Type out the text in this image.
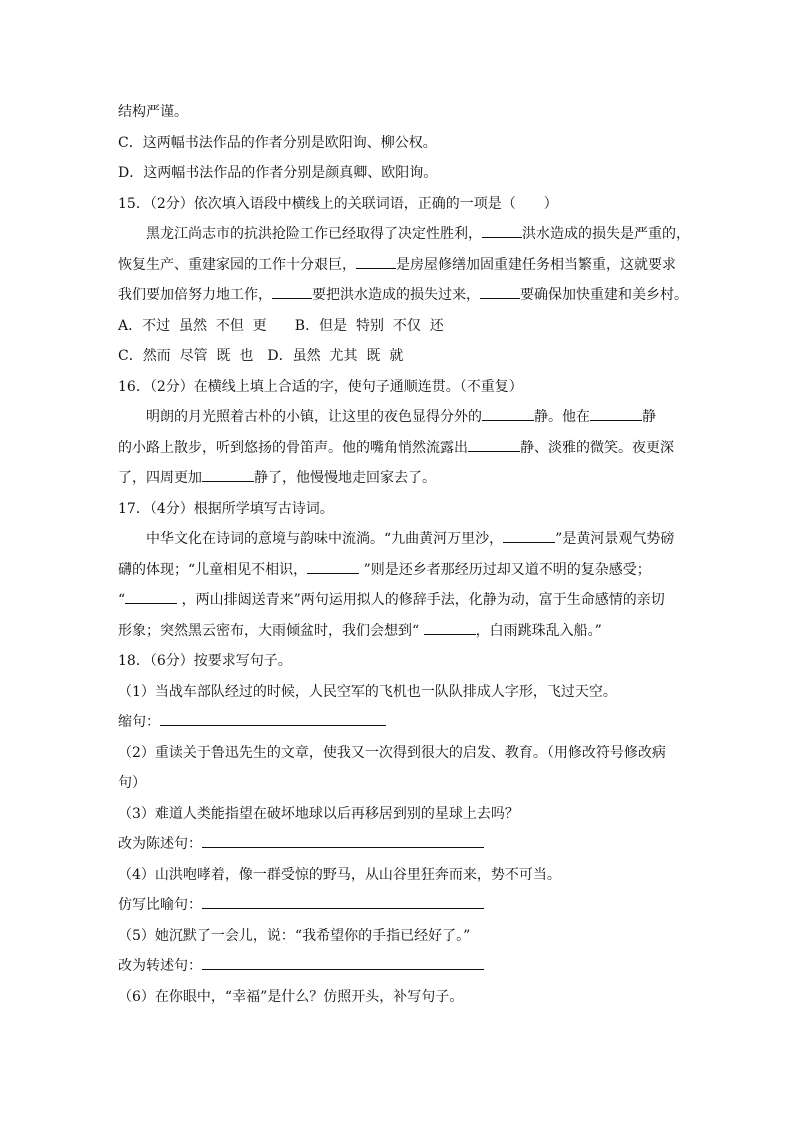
结构严谨。
C．这两幅书法作品的作者分别是欧阳询、柳公权。
D．这两幅书法作品的作者分别是颜真卿、欧阳询。
15．（2分）依次填入语段中横线上的关联词语，正确的一项是（　　）
黑龙江尚志市的抗洪抢险工作已经取得了决定性胜利，	洪水造成的损失是严重的，
恢复生产、重建家园的工作十分艰巨，	是房屋修缮加固重建任务相当繁重，这就要求
我们要加倍努力地工作，	要把洪水造成的损失过来，	要确保加快重建和美乡村。
A．不过  虽然  不但  更　　B．但是  特别  不仅  还
C．然而  尽管  既  也　D．虽然  尤其  既  就
16．（2分）在横线上填上合适的字，使句子通顺连贯。（不重复）
明朗的月光照着古朴的小镇，让这里的夜色显得分外的	静。他在	静
的小路上散步，听到悠扬的骨笛声。他的嘴角悄然流露出	静、淡雅的微笑。夜更深
了，四周更加	静了，他慢慢地走回家去了。
17．（4分）根据所学填写古诗词。
中华文化在诗词的意境与韵味中流淌。“九曲黄河万里沙，	”是黄河景观气势磅
礴的体现；“儿童相见不相识，	”则是还乡者那经历过却又道不明的复杂感受；
“	，两山排闼送青来”两句运用拟人的修辞手法，化静为动，富于生命感情的亲切
形象；突然黑云密布，大雨倾盆时，我们会想到“	，白雨跳珠乱入船。”
18．（6分）按要求写句子。
（1）当战车部队经过的时候，人民空军的飞机也一队队排成人字形，飞过天空。
缩句：
（2）重读关于鲁迅先生的文章，使我又一次得到很大的启发、教育。（用修改符号修改病
句）
（3）难道人类能指望在破坏地球以后再移居到别的星球上去吗？
改为陈述句：
（4）山洪咆哮着，像一群受惊的野马，从山谷里狂奔而来，势不可当。
仿写比喻句：
（5）她沉默了一会儿，说：“我希望你的手指已经好了。”
改为转述句：
（6）在你眼中，“幸福”是什么？仿照开头，补写句子。
